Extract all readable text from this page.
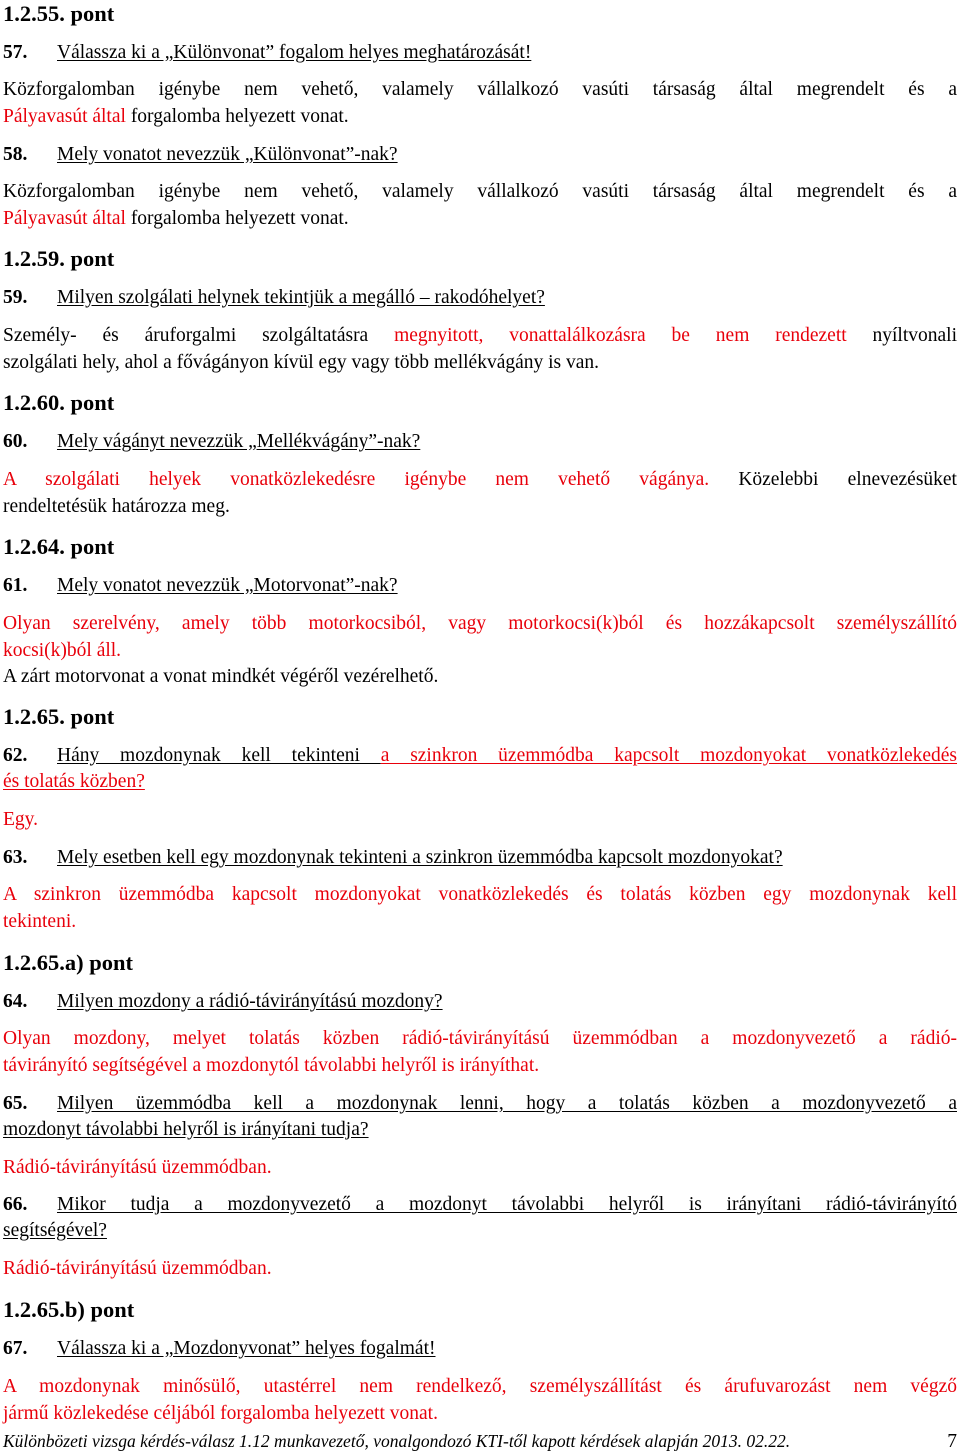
1.2.55. pont
57. Válassza ki a „Különvonat” fogalom helyes meghatározását!
Közforgalomban igénybe nem vehető, valamely vállalkozó vasúti társaság által megrendelt és a
Pályavasút által forgalomba helyezett vonat.
58. Mely vonatot nevezzük „Különvonat”-nak?
Közforgalomban igénybe nem vehető, valamely vállalkozó vasúti társaság által megrendelt és a
Pályavasút által forgalomba helyezett vonat.
1.2.59. pont
59. Milyen szolgálati helynek tekintjük a megálló – rakodóhelyet?
Személy- és áruforgalmi szolgáltatásra megnyitott, vonattalálkozásra be nem rendezett nyíltvonali
szolgálati hely, ahol a fővágányon kívül egy vagy több mellékvágány is van.
1.2.60. pont
60. Mely vágányt nevezzük „Mellékvágány”-nak?
A szolgálati helyek vonatközlekedésre igénybe nem vehető vágánya. Közelebbi elnevezésüket
rendeltetésük határozza meg.
1.2.64. pont
61. Mely vonatot nevezzük „Motorvonat”-nak?
Olyan szerelvény, amely több motorkocsiból, vagy motorkocsi(k)ból és hozzákapcsolt személyszállító
kocsi(k)ból áll.
A zárt motorvonat a vonat mindkét végéről vezérelhető.
1.2.65. pont
62. Hány mozdonynak kell tekinteni a szinkron üzemmódba kapcsolt mozdonyokat vonatközlekedés
és tolatás közben?
Egy.
63. Mely esetben kell egy mozdonynak tekinteni a szinkron üzemmódba kapcsolt mozdonyokat?
A szinkron üzemmódba kapcsolt mozdonyokat vonatközlekedés és tolatás közben egy mozdonynak kell
tekinteni.
1.2.65.a) pont
64. Milyen mozdony a rádió-távirányítású mozdony?
Olyan mozdony, melyet tolatás közben rádió-távirányítású üzemmódban a mozdonyvezető a rádió-
távirányító segítségével a mozdonytól távolabbi helyről is irányíthat.
65. Milyen üzemmódba kell a mozdonynak lenni, hogy a tolatás közben a mozdonyvezető a
mozdonyt távolabbi helyről is irányítani tudja?
Rádió-távirányítású üzemmódban.
66. Mikor tudja a mozdonyvezető a mozdonyt távolabbi helyről is irányítani rádió-távirányító
segítségével?
Rádió-távirányítású üzemmódban.
1.2.65.b) pont
67. Válassza ki a „Mozdonyvonat” helyes fogalmát!
A mozdonynak minősülő, utastérrel nem rendelkező, személyszállítást és árufuvarozást nem végző
jármű közlekedése céljából forgalomba helyezett vonat.
Különbözeti vizsga kérdés-válasz 1.12 munkavezető, vonalgondozó KTI-től kapott kérdések alapján 2013. 02.22.	7
